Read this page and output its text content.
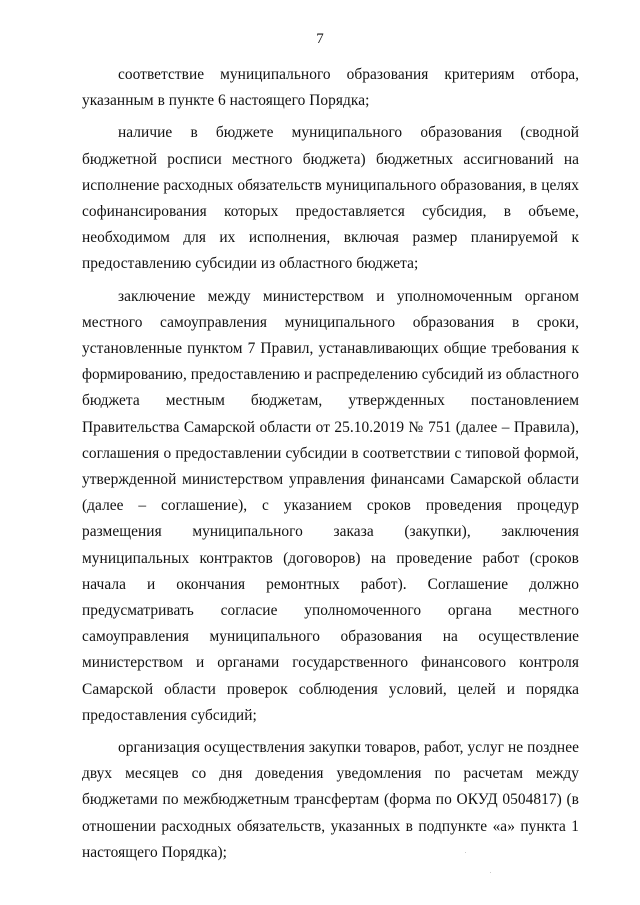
7

соответствие муниципального образования критериям отбора, указанным в пункте 6 настоящего Порядка;

наличие в бюджете муниципального образования (сводной бюджетной росписи местного бюджета) бюджетных ассигнований на исполнение расходных обязательств муниципального образования, в целях софинансирования которых предоставляется субсидия, в объеме, необходимом для их исполнения, включая размер планируемой к предоставлению субсидии из областного бюджета;

заключение между министерством и уполномоченным органом местного самоуправления муниципального образования в сроки, установленные пунктом 7 Правил, устанавливающих общие требования к формированию, предоставлению и распределению субсидий из областного бюджета местным бюджетам, утвержденных постановлением Правительства Самарской области от 25.10.2019 № 751 (далее – Правила), соглашения о предоставлении субсидии в соответствии с типовой формой, утвержденной министерством управления финансами Самарской области (далее – соглашение), с указанием сроков проведения процедур размещения муниципального заказа (закупки), заключения муниципальных контрактов (договоров) на проведение работ (сроков начала и окончания ремонтных работ). Соглашение должно предусматривать согласие уполномоченного органа местного самоуправления муниципального образования на осуществление министерством и органами государственного финансового контроля Самарской области проверок соблюдения условий, целей и порядка предоставления субсидий;

организация осуществления закупки товаров, работ, услуг не позднее двух месяцев со дня доведения уведомления по расчетам между бюджетами по межбюджетным трансфертам (форма по ОКУД 0504817) (в отношении расходных обязательств, указанных в подпункте «а» пункта 1 настоящего Порядка);
